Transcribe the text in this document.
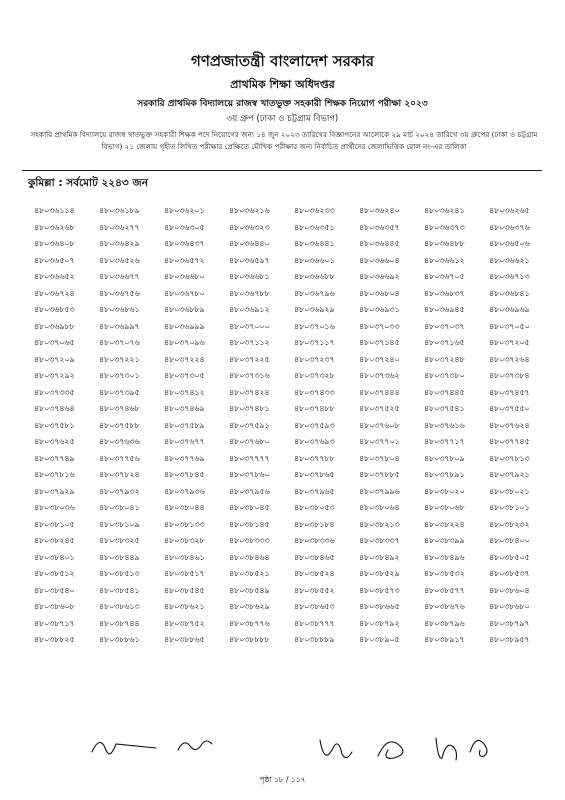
গণপ্রজাতন্ত্রী বাংলাদেশ সরকার
প্রাথমিক শিক্ষা অধিদপ্তর
সরকারি প্রাথমিক বিদ্যালয়ে রাজস্ব খাতভুক্ত সহকারী শিক্ষক নিয়োগ পরীক্ষা ২০২৩
৩য় গ্রুপ (ঢাকা ও চট্টগ্রাম বিভাগ)
সহকারি প্রাথমিক বিদ্যালয়ে রাজস্ব খাতভুক্ত সহকারী শিক্ষক পদে নিয়োগের জন্য ১৪ জুন ২০২৩ তারিখের বিজ্ঞাপনের আলোকে ২৯ মার্চ ২০২৪ তারিখে ৩য় গ্রুপের (ঢাকা ও চট্টগ্রাম বিভাগ) ২১ জেলায় গৃহীত লিখিত পরীক্ষার প্রেক্ষিতে মৌখিক পরীক্ষার জন্য নির্বাচিত প্রার্থীদের জেলাভিত্তিক রোল নং-এর তালিকা
কুমিল্লা : সর্বমোট ২২৪৩ জন
৪৮০৩৬১১৪	৪৮০৩৬১৮৯	৪৮০৩৬২০১	৪৮০৩৬২১৬	৪৮০৩৬২৩৩	৪৮০৩৬২৪০	৪৮০৩৬২৪১	৪৮০৩৬২৬৫
৪৮০৩৬২৬৮	৪৮০৩৬২৭৭	৪৮০৩৬৩০৫	৪৮০৩৬৩২৩	৪৮০৩৬৩৫১	৪৮০৩৬৩৫৭	৪৮০৩৬৩৭৩	৪৮০৩৬৩৭৬
৪৮০৩৬৪০৮	৪৮০৩৬৪২৯	৪৮০৩৬৪৩৭	৪৮০৩৬৪৪০	৪৮০৩৬৪৪১	৪৮০৩৬৪৪৫	৪৮০৩৬৪৮৮	৪৮০৩৬৫০৬
৪৮০৩৬৫০৭	৪৮০৩৬৫২৬	৪৮০৩৬৫৭২	৪৮০৩৬৫৯৭	৪৮০৩৬৬০১	৪৮০৩৬৬০৪	৪৮০৩৬৬১২	৪৮০৩৬৬২১
৪৮০৩৬৬৫২	৪৮০৩৬৬৭৭	৪৮০৩৬৬৮০	৪৮০৩৬৬৮১	৪৮০৩৬৬৮৮	৪৮০৩৬৬৯২	৪৮০৩৬৭০৫	৪৮০৩৬৭১৩
৪৮০৩৬৭২৪	৪৮০৩৬৭৫৬	৪৮০৩৬৭৮০	৪৮০৩৬৭৮৮	৪৮০৩৬৭৯৬	৪৮০৩৬৮০৪	৪৮০৩৬৮৩৭	৪৮০৩৬৮৪১
৪৮০৩৬৮৫৩	৪৮০৩৬৮৬১	৪৮০৩৬৮৮৯	৪৮০৩৬৯১২	৪৮০৩৬৯২৯	৪৮০৩৬৯৩১	৪৮০৩৬৯৪৫	৪৮০৩৬৯৬৯
৪৮০৩৬৯৮৮	৪৮০৩৬৯৯৭	৪৮০৩৬৯৯৯	৪৮০৩৭০০০	৪৮০৩৭০১৬	৪৮০৩৭০৩৩	৪৮০৩৭০৩৭	৪৮০৩৭০৫০
৪৮০৩৭০৬৫	৪৮০৩৭০৭৬	৪৮০৩৭০৯৬	৪৮০৩৭১১২	৪৮০৩৭১১৭	৪৮০৩৭১৪৫	৪৮০৩৭১৬৫	৪৮০৩৭২০৫
৪৮০৩৭২০৯	৪৮০৩৭২২১	৪৮০৩৭২২৪	৪৮০৩৭২২৫	৪৮০৩৭২৩৭	৪৮০৩৭২৪০	৪৮০৩৭২৪৮	৪৮০৩৭২৬৪
৪৮০৩৭২৯২	৪৮০৩৭৩০১	৪৮০৩৭৩০৫	৪৮০৩৭৩১৬	৪৮০৩৭৩২৮	৪৮০৩৭৩৬২	৪৮০৩৭৩৮০	৪৮০৩৭৩৮৪
৪৮০৩৭৩৩৫	৪৮০৩৭৩৯৫	৪৮০৩৭৪১২	৪৮০৩৭৪২৪	৪৮০৩৭৪৩৩	৪৮০৩৭৪৪৪	৪৮০৩৭৪৪৫	৪৮০৩৭৪৫৭
৪৮০৩৭৪৬৪	৪৮০৩৭৪৬৮	৪৮০৩৭৪৬৯	৪৮০৩৭৪৮১	৪৮০৩৭৪৮৮	৪৮০৩৭৫২৫	৪৮০৩৭৫৪১	৪৮০৩৭৫৫০
৪৮০৩৭৫৮১	৪৮০৩৭৫৮৮	৪৮০৩৭৫৮৯	৪৮০৩৭৫৯১	৪৮০৩৭৫৯৩	৪৮০৩৭৬০৮	৪৮০৩৭৬১৬	৪৮০৩৭৬২৪
৪৮০৩৭৬২৫	৪৮০৩৭৬৩৬	৪৮০৩৭৬৭৭	৪৮০৩৭৬৮০	৪৮০৩৭৬৯৩	৪৮০৩৭৭০১	৪৮০৩৭৭১৭	৪৮০৩৭৭৪৫
৪৮০৩৭৭৪৯	৪৮০৩৭৭৫৬	৪৮০৩৭৭৬৯	৪৮০৩৭৭৭৭	৪৮০৩৭৭৮৮	৪৮০৩৭৮০৪	৪৮০৩৭৮০৯	৪৮০৩৭৮১৩
৪৮০৩৭৮১৬	৪৮০৩৭৮২৪	৪৮০৩৭৮৪৫	৪৮০৩৭৮৬০	৪৮০৩৭৮৬৫	৪৮০৩৭৮৮৫	৪৮০৩৭৮৯১	৪৮০৩৭৯২১
৪৮০৩৭৯২৯	৪৮০৩৭৯৩২	৪৮০৩৭৯৩৬	৪৮০৩৭৯৫৬	৪৮০৩৭৯৬৫	৪৮০৩৭৯৯৬	৪৮০৩৮০২০	৪৮০৩৮০২১
৪৮০৩৮০৩৬	৪৮০৩৮০৪১	৪৮০৩৮০৪৪	৪৮০৩৮০৪৫	৪৮০৩৮০৫৩	৪৮০৩৮০৬৪	৪৮০৩৮০৬৮	৪৮০৩৮১০১
৪৮০৩৮১০৫	৪৮০৩৮১০৯	৪৮০৩৮১৩৩	৪৮০৩৮১৪৫	৪৮০৩৮১৮৪	৪৮০৩৮২১৩	৪৮০৩৮২২৪	৪৮০৩৮২৩২
৪৮০৩৮২৪৫	৪৮০৩৮৩২৫	৪৮০৩৮৩২৮	৪৮০৩৮৩৩৩	৪৮০৩৮৩৩৬	৪৮০৩৮৩৩৭	৪৮০৩৮৩৯৯	৪৮০৩৮৪০০
৪৮০৩৮৪০১	৪৮০৩৮৪৪৯	৪৮০৩৮৪৬১	৪৮০৩৮৪৬৪	৪৮০৩৮৪৬৫	৪৮০৩৮৪৯২	৪৮০৩৮৪৯৬	৪৮০৩৮৫০৫
৪৮০৩৮৫১২	৪৮০৩৮৫১৩	৪৮০৩৮৫১৭	৪৮০৩৮৫২১	৪৮০৩৮৫২৪	৪৮০৩৮৫২৯	৪৮০৩৮৫৩২	৪৮০৩৮৫৩৭
৪৮০৩৮৫৪০	৪৮০৩৮৫৪১	৪৮০৩৮৫৪৫	৪৮০৩৮৫৪৯	৪৮০৩৮৫৫২	৪৮০৩৮৫৭৩	৪৮০৩৮৫৭৭	৪৮০৩৮৬০৪
৪৮০৩৮৬০৮	৪৮০৩৮৬১৩	৪৮০৩৮৬২১	৪৮০৩৮৬২৯	৪৮০৩৮৬৫৩	৪৮০৩৮৬৬৫	৪৮০৩৮৬৭৬	৪৮০৩৮৬৮০
৪৮০৩৮৭১৭	৪৮০৩৮৭৪৪	৪৮০৩৮৭৫২	৪৮০৩৮৭৭৬	৪৮০৩৮৭৭৭	৪৮০৩৮৭৯২	৪৮০৩৮৭৯৬	৪৮০৩৮৭৯৭
৪৮০৩৮৮২৫	৪৮০৩৮৮৬১	৪৮০৩৮৮৬৫	৪৮০৩৮৮৮৮	৪৮০৩৮৮৮৯	৪৮০৩৮৯০৫	৪৮০৩৮৯১৭	৪৮০৩৮৯৫৭
পৃষ্ঠা ১৮ / ১১৭
